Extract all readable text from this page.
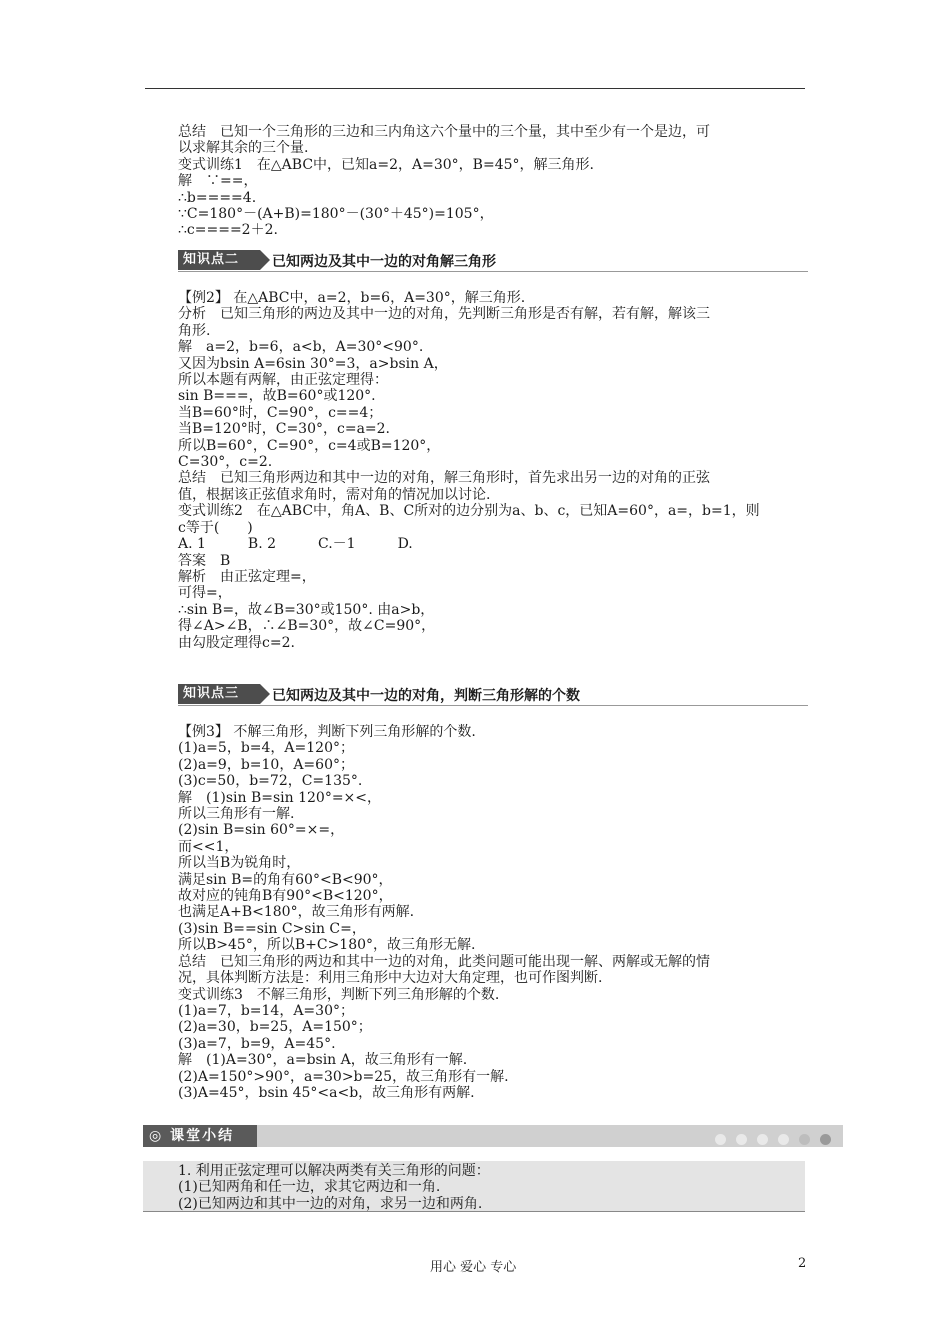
总结　已知一个三角形的三边和三内角这六个量中的三个量，其中至少有一个是边，可
以求解其余的三个量.
变式训练1　在△ABC中，已知a=2，A=30°，B=45°，解三角形.
解　∵==，
∴b====4.
∵C=180°－(A+B)=180°－(30°＋45°)=105°，
∴c====2＋2.
知识点二	已知两边及其中一边的对角解三角形
【例2】 在△ABC中，a=2，b=6，A=30°，解三角形.
分析　已知三角形的两边及其中一边的对角，先判断三角形是否有解，若有解，解该三
角形.
解　a=2，b=6，a<b，A=30°<90°.
又因为bsin A=6sin 30°=3，a>bsin A，
所以本题有两解，由正弦定理得：
sin B===，故B=60°或120°.
当B=60°时，C=90°，c==4；
当B=120°时，C=30°，c=a=2.
所以B=60°，C=90°，c=4或B=120°，
C=30°，c=2.
总结　已知三角形两边和其中一边的对角，解三角形时，首先求出另一边的对角的正弦
值，根据该正弦值求角时，需对角的情况加以讨论.
变式训练2　在△ABC中，角A、B、C所对的边分别为a、b、c，已知A=60°，a=，b=1，则
c等于(　　)
A. 1　　　B. 2　　　C.－1　　　D.
答案　B
解析　由正弦定理=，
可得=，
∴sin B=，故∠B=30°或150°. 由a>b，
得∠A>∠B，∴∠B=30°，故∠C=90°，
由勾股定理得c=2.
知识点三	已知两边及其中一边的对角，判断三角形解的个数
【例3】 不解三角形，判断下列三角形解的个数.
(1)a=5，b=4，A=120°；
(2)a=9，b=10，A=60°；
(3)c=50，b=72，C=135°.
解　(1)sin B=sin 120°=×<，
所以三角形有一解.
(2)sin B=sin 60°=×=，
而<<1，
所以当B为锐角时，
满足sin B=的角有60°<B<90°，
故对应的钝角B有90°<B<120°，
也满足A+B<180°，故三角形有两解.
(3)sin B==sin C>sin C=，
所以B>45°，所以B+C>180°，故三角形无解.
总结　已知三角形的两边和其中一边的对角，此类问题可能出现一解、两解或无解的情
况，具体判断方法是：利用三角形中大边对大角定理，也可作图判断.
变式训练3　不解三角形，判断下列三角形解的个数.
(1)a=7，b=14，A=30°；
(2)a=30，b=25，A=150°；
(3)a=7，b=9，A=45°.
解　(1)A=30°，a=bsin A，故三角形有一解.
(2)A=150°>90°，a=30>b=25，故三角形有一解.
(3)A=45°，bsin 45°<a<b，故三角形有两解.
◎ 课堂小结
1. 利用正弦定理可以解决两类有关三角形的问题：
(1)已知两角和任一边，求其它两边和一角.
(2)已知两边和其中一边的对角，求另一边和两角.
用心 爱心 专心	2
